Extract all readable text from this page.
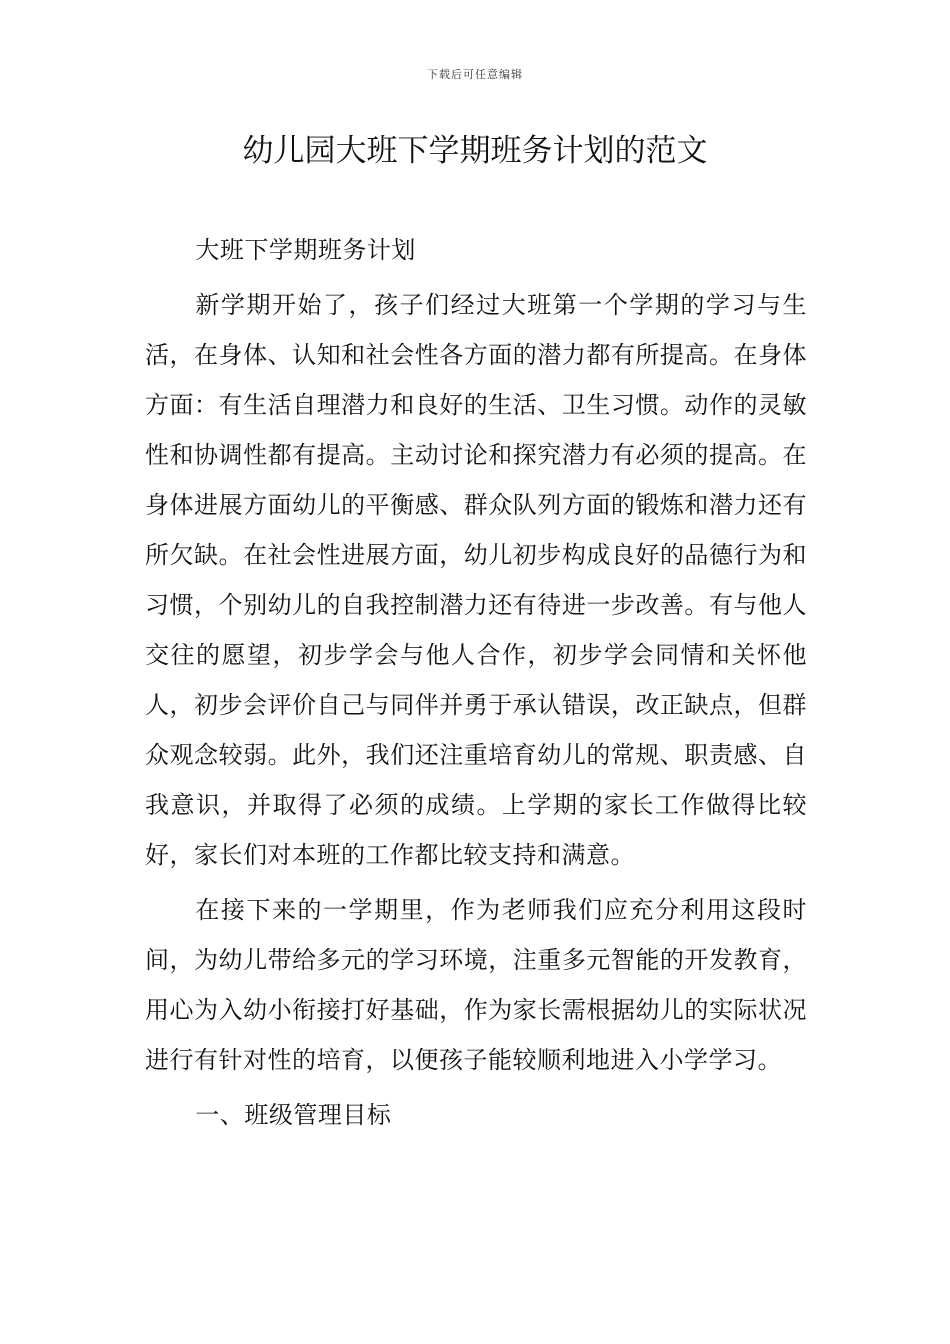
下载后可任意编辑
幼儿园大班下学期班务计划的范文

大班下学期班务计划

新学期开始了，孩子们经过大班第一个学期的学习与生活，在身体、认知和社会性各方面的潜力都有所提高。在身体方面：有生活自理潜力和良好的生活、卫生习惯。动作的灵敏性和协调性都有提高。主动讨论和探究潜力有必须的提高。在身体进展方面幼儿的平衡感、群众队列方面的锻炼和潜力还有所欠缺。在社会性进展方面，幼儿初步构成良好的品德行为和习惯，个别幼儿的自我控制潜力还有待进一步改善。有与他人交往的愿望，初步学会与他人合作，初步学会同情和关怀他人，初步会评价自己与同伴并勇于承认错误，改正缺点，但群众观念较弱。此外，我们还注重培育幼儿的常规、职责感、自我意识，并取得了必须的成绩。上学期的家长工作做得比较好，家长们对本班的工作都比较支持和满意。

在接下来的一学期里，作为老师我们应充分利用这段时间，为幼儿带给多元的学习环境，注重多元智能的开发教育，用心为入幼小衔接打好基础，作为家长需根据幼儿的实际状况进行有针对性的培育，以便孩子能较顺利地进入小学学习。

一、班级管理目标
